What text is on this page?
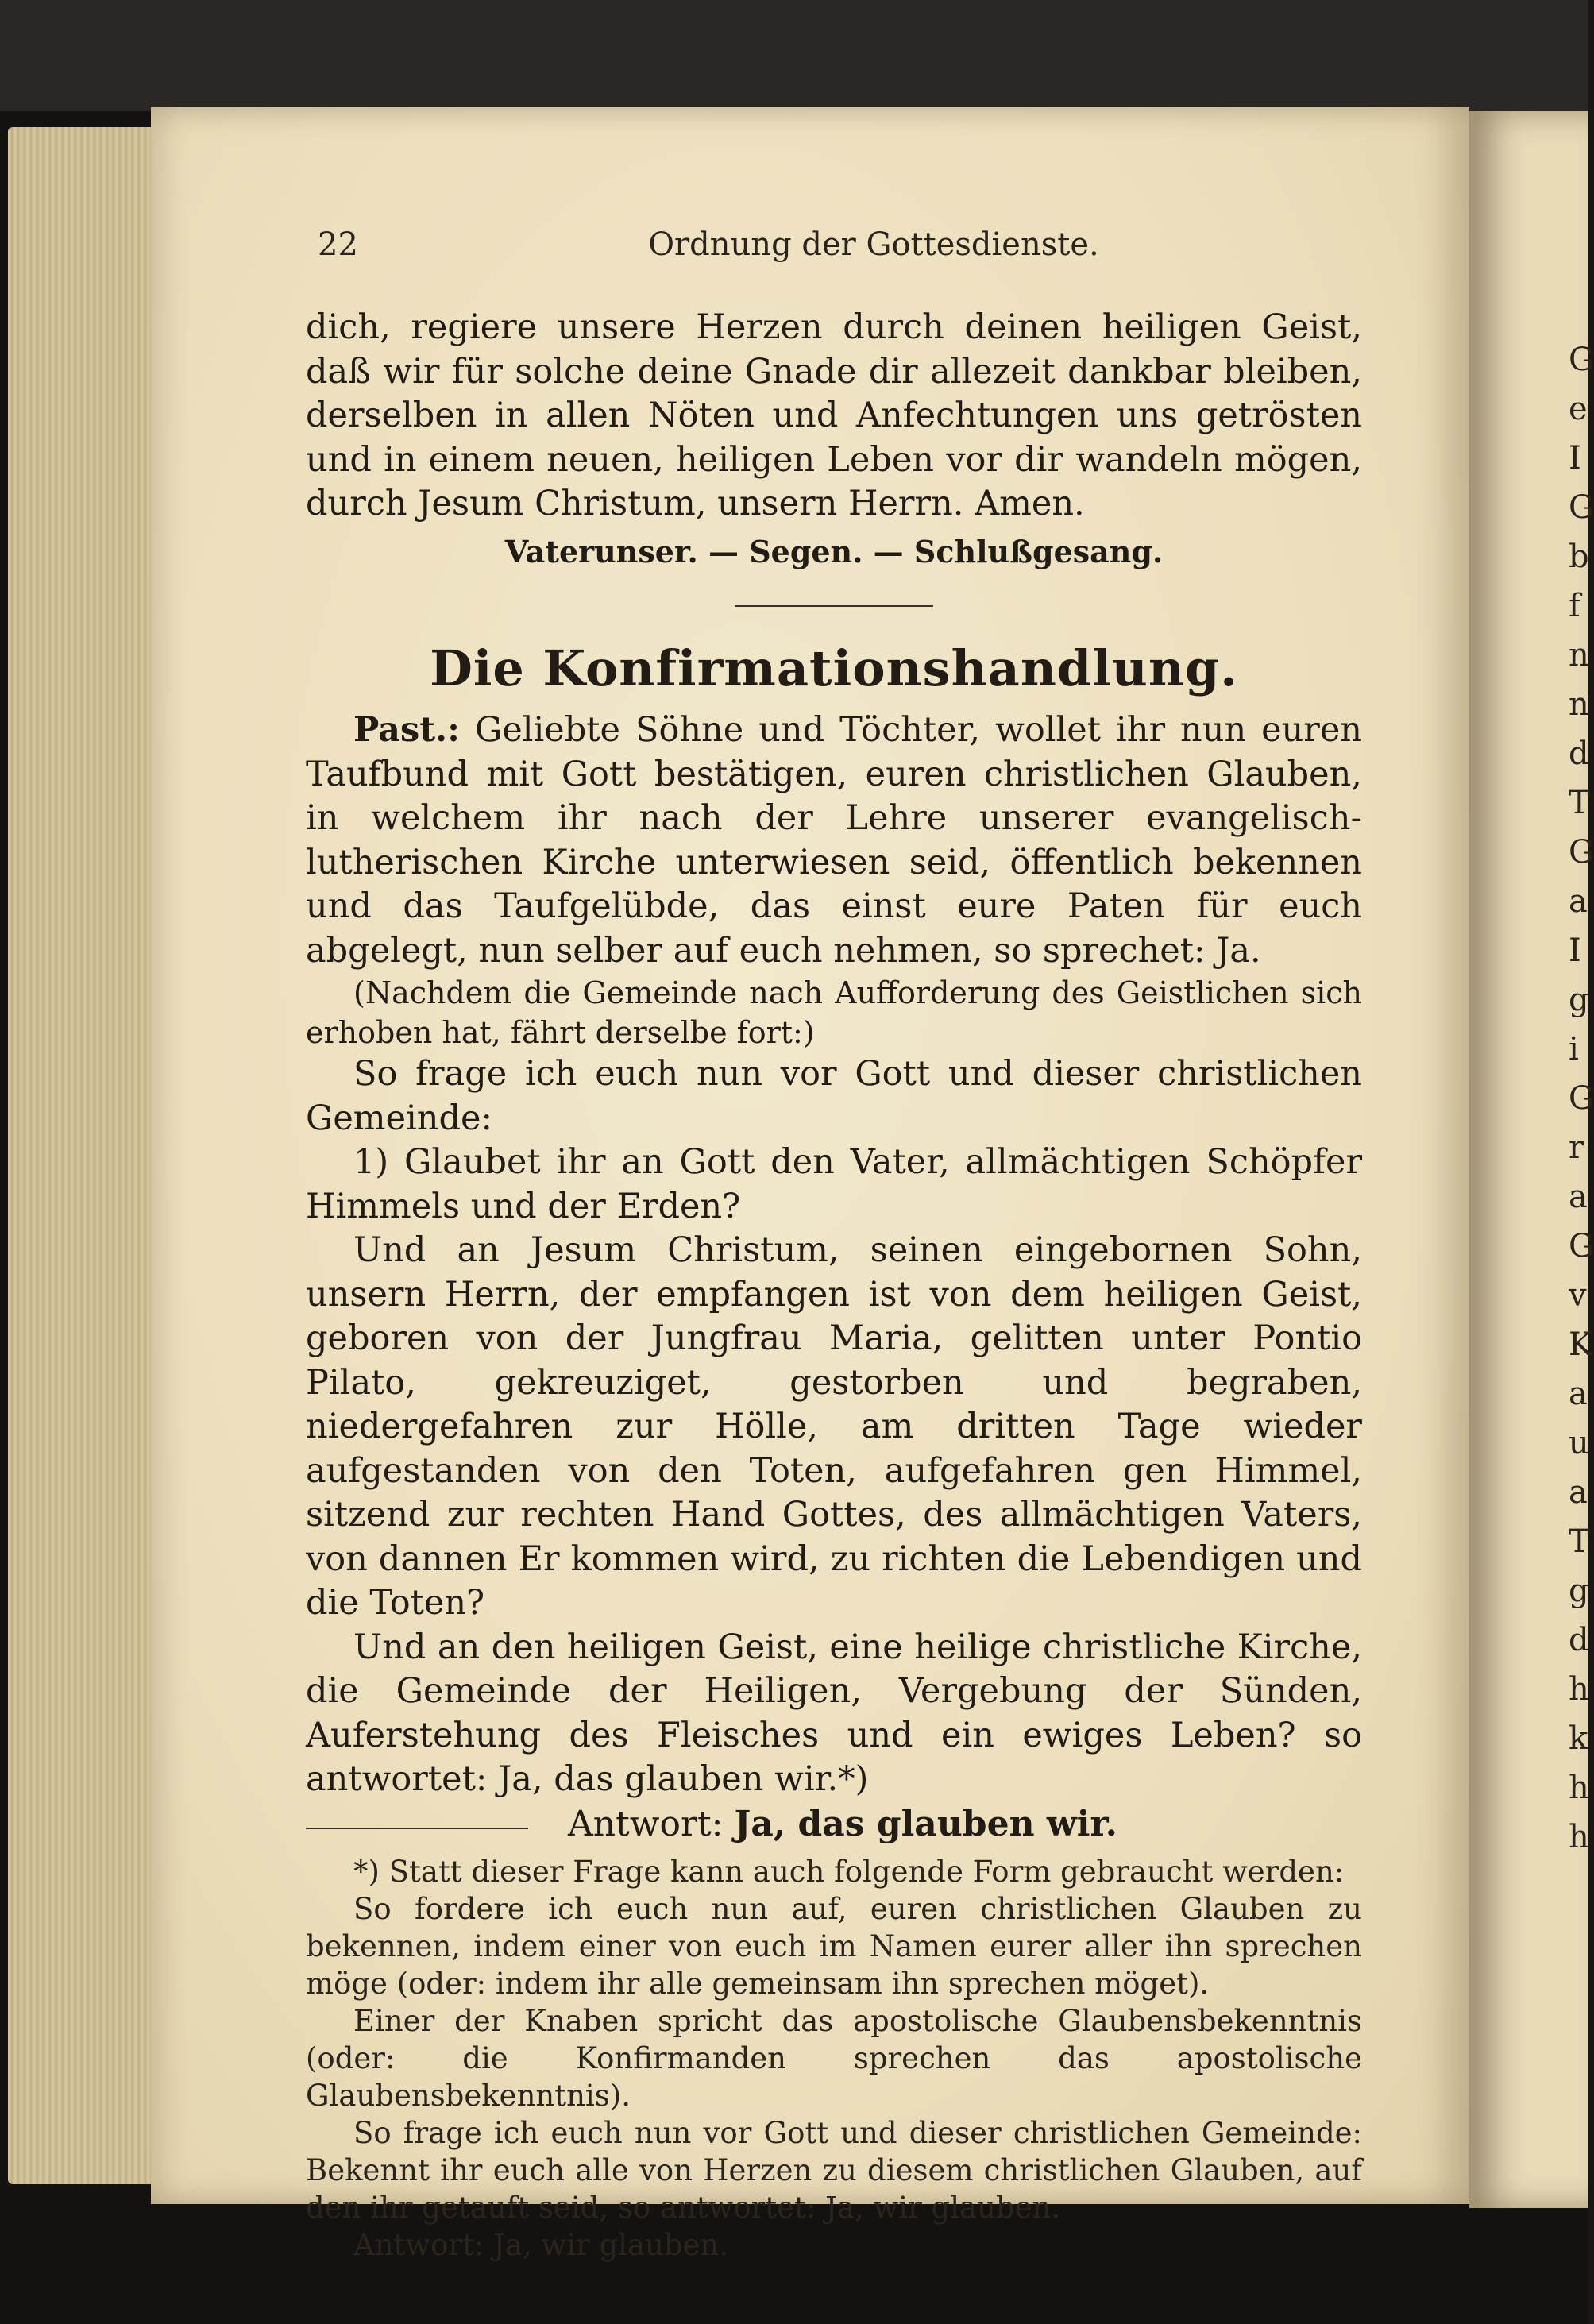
G
e
I
G
b
f
n
n
d
T
G
a
I
g
i
G
r
a
G
v
K
a
u
a
T
g
d
h
k
h
h
22	Ordnung der Gottesdienste.

dich, regiere unsere Herzen durch deinen heiligen Geist, daß wir für solche deine Gnade dir allezeit dankbar bleiben, derselben in allen Nöten und Anfechtungen uns getrösten und in einem neuen, heiligen Leben vor dir wandeln mögen, durch Jesum Christum, unsern Herrn. Amen.

Vaterunser. — Segen. — Schlußgesang.

Die Konfirmationshandlung.

Past.: Geliebte Söhne und Töchter, wollet ihr nun euren Taufbund mit Gott bestätigen, euren christlichen Glauben, in welchem ihr nach der Lehre unserer evangelisch-lutherischen Kirche unterwiesen seid, öffentlich bekennen und das Taufgelübde, das einst eure Paten für euch abgelegt, nun selber auf euch nehmen, so sprechet: Ja.

(Nachdem die Gemeinde nach Aufforderung des Geistlichen sich erhoben hat, fährt derselbe fort:)

So frage ich euch nun vor Gott und dieser christlichen Gemeinde:

1) Glaubet ihr an Gott den Vater, allmächtigen Schöpfer Himmels und der Erden?

Und an Jesum Christum, seinen eingebornen Sohn, unsern Herrn, der empfangen ist von dem heiligen Geist, geboren von der Jungfrau Maria, gelitten unter Pontio Pilato, gekreuziget, gestorben und begraben, niedergefahren zur Hölle, am dritten Tage wieder aufgestanden von den Toten, aufgefahren gen Himmel, sitzend zur rechten Hand Gottes, des allmächtigen Vaters, von dannen Er kommen wird, zu richten die Lebendigen und die Toten?

Und an den heiligen Geist, eine heilige christliche Kirche, die Gemeinde der Heiligen, Vergebung der Sünden, Auferstehung des Fleisches und ein ewiges Leben? so antwortet: Ja, das glauben wir.*)

Antwort: Ja, das glauben wir.

*) Statt dieser Frage kann auch folgende Form gebraucht werden:

So fordere ich euch nun auf, euren christlichen Glauben zu bekennen, indem einer von euch im Namen eurer aller ihn sprechen möge (oder: indem ihr alle gemeinsam ihn sprechen möget).

Einer der Knaben spricht das apostolische Glaubensbekenntnis (oder: die Konfirmanden sprechen das apostolische Glaubensbekenntnis).

So frage ich euch nun vor Gott und dieser christlichen Gemeinde: Bekennt ihr euch alle von Herzen zu diesem christlichen Glauben, auf den ihr getauft seid, so antwortet: Ja, wir glauben.

Antwort: Ja, wir glauben.
